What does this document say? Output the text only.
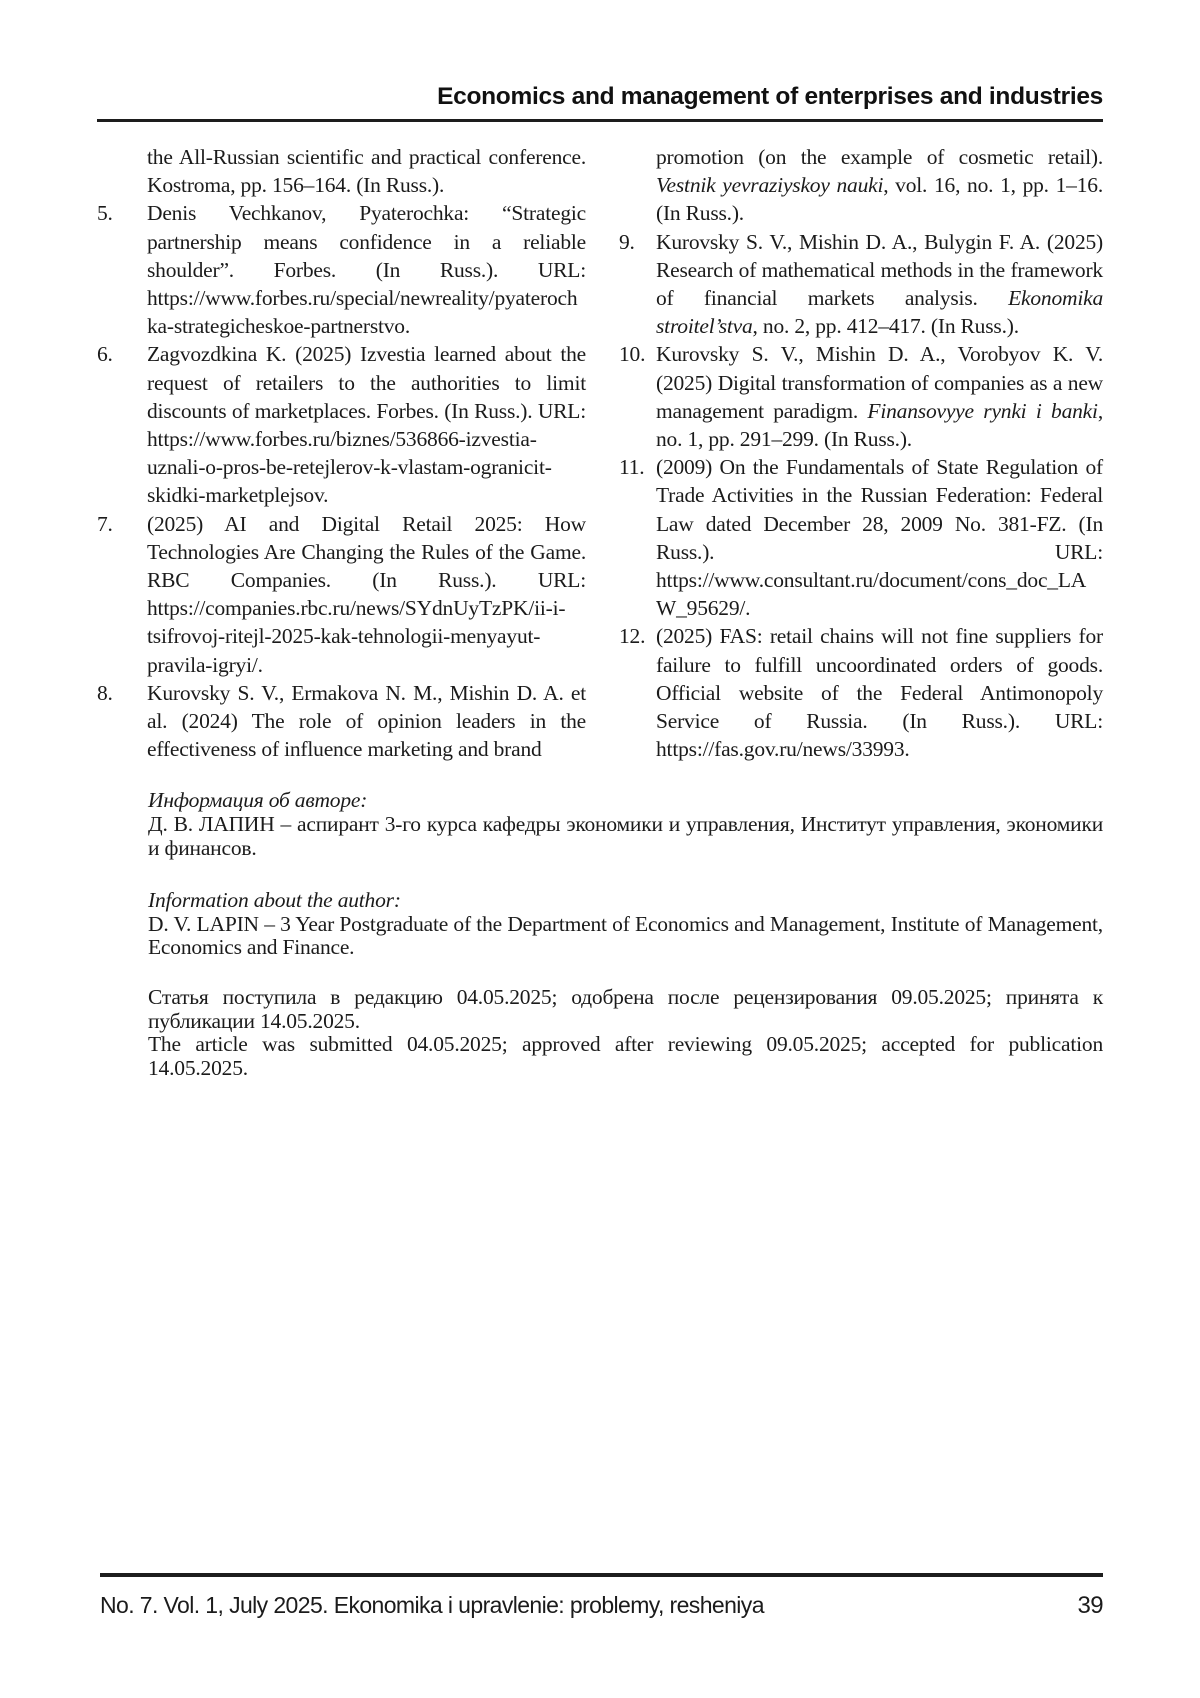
Economics and management of enterprises and industries
the All-Russian scientific and practical conference. Kostroma, pp. 156–164. (In Russ.).
5.	Denis Vechkanov, Pyaterochka: “Strategic partnership means confidence in a reliable shoulder”. Forbes. (In Russ.). URL: https://www.forbes.ru/special/newreality/pyaterochka-strategicheskoe-partnerstvo.
6.	Zagvozdkina K. (2025) Izvestia learned about the request of retailers to the authorities to limit discounts of marketplaces. Forbes. (In Russ.). URL: https://www.forbes.ru/biznes/536866-izvestia-uznali-o-pros-be-retejlerov-k-vlastam-ogranicit-skidki-marketplejsov.
7.	(2025) AI and Digital Retail 2025: How Technologies Are Changing the Rules of the Game. RBC Companies. (In Russ.). URL: https://companies.rbc.ru/news/SYdnUyTzPK/ii-i-tsifrovoj-ritejl-2025-kak-tehnologii-menyayut-pravila-igryi/.
8.	Kurovsky S. V., Ermakova N. M., Mishin D. A. et al. (2024) The role of opinion leaders in the effectiveness of influence marketing and brand
promotion (on the example of cosmetic retail). Vestnik yevraziyskoy nauki, vol. 16, no. 1, pp. 1–16. (In Russ.).
9. Kurovsky S. V., Mishin D. A., Bulygin F. A. (2025) Research of mathematical methods in the framework of financial markets analysis. Ekonomika stroitel’stva, no. 2, pp. 412–417. (In Russ.).
10. Kurovsky S. V., Mishin D. A., Vorobyov K. V. (2025) Digital transformation of companies as a new management paradigm. Finansovyye rynki i banki, no. 1, pp. 291–299. (In Russ.).
11. (2009) On the Fundamentals of State Regulation of Trade Activities in the Russian Federation: Federal Law dated December 28, 2009 No. 381-FZ. (In Russ.). URL: https://www.consultant.ru/document/cons_doc_LAW_95629/.
12. (2025) FAS: retail chains will not fine suppliers for failure to fulfill uncoordinated orders of goods. Official website of the Federal Antimonopoly Service of Russia. (In Russ.). URL: https://fas.gov.ru/news/33993.

Информация об авторе:

Д. В. ЛАПИН – аспирант 3-го курса кафедры экономики и управления, Институт управления, экономики и финансов.

Information about the author:

D. V. LAPIN – 3 Year Postgraduate of the Department of Economics and Management, Institute of Management, Economics and Finance.

Статья поступила в редакцию 04.05.2025; одобрена после рецензирования 09.05.2025; принята к публикации 14.05.2025.

The article was submitted 04.05.2025; approved after reviewing 09.05.2025; accepted for publication 14.05.2025.

No. 7. Vol. 1, July 2025. Ekonomika i upravlenie: problemy, resheniya	39
